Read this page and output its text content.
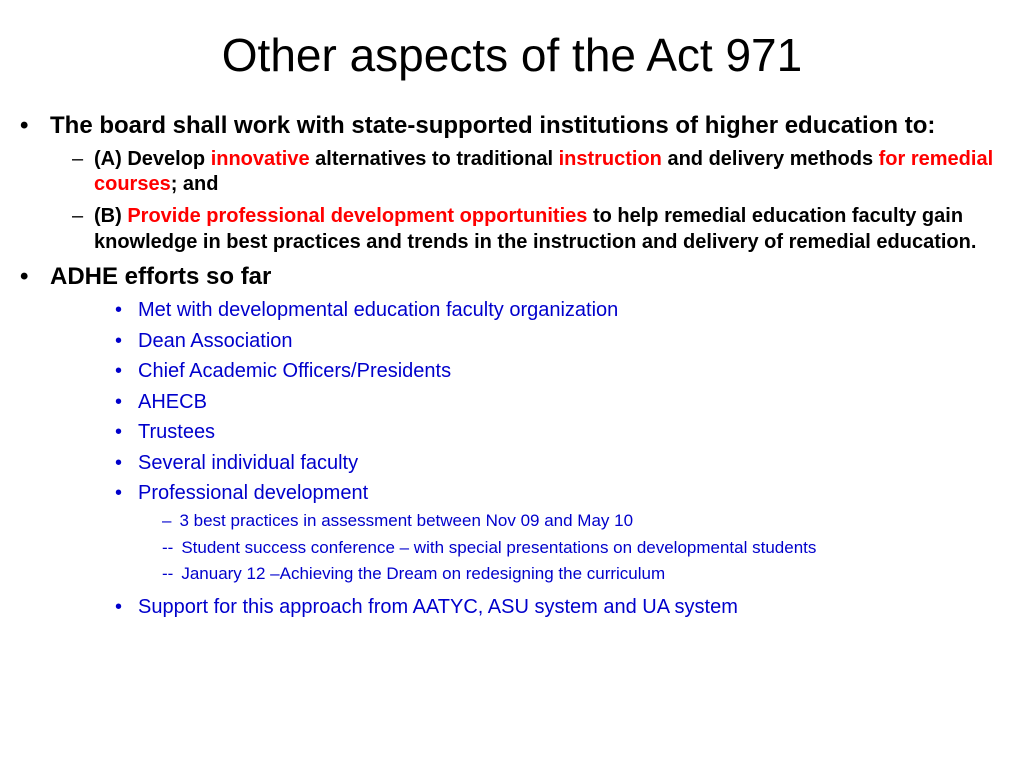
Other aspects of the Act 971
• The board shall work with state-supported institutions of higher education to:
– (A) Develop innovative alternatives to traditional instruction and delivery methods for remedial courses; and
– (B) Provide professional development opportunities to help remedial education faculty gain knowledge in best practices and trends in the instruction and delivery of remedial education.
• ADHE efforts so far
• Met with developmental education faculty organization
• Dean Association
• Chief Academic Officers/Presidents
• AHECB
• Trustees
• Several individual faculty
• Professional development
– 3 best practices in assessment between Nov 09 and May 10
-- Student success conference – with special presentations on developmental students
-- January 12 –Achieving the Dream on redesigning the curriculum
• Support for this approach from AATYC, ASU system and UA system
